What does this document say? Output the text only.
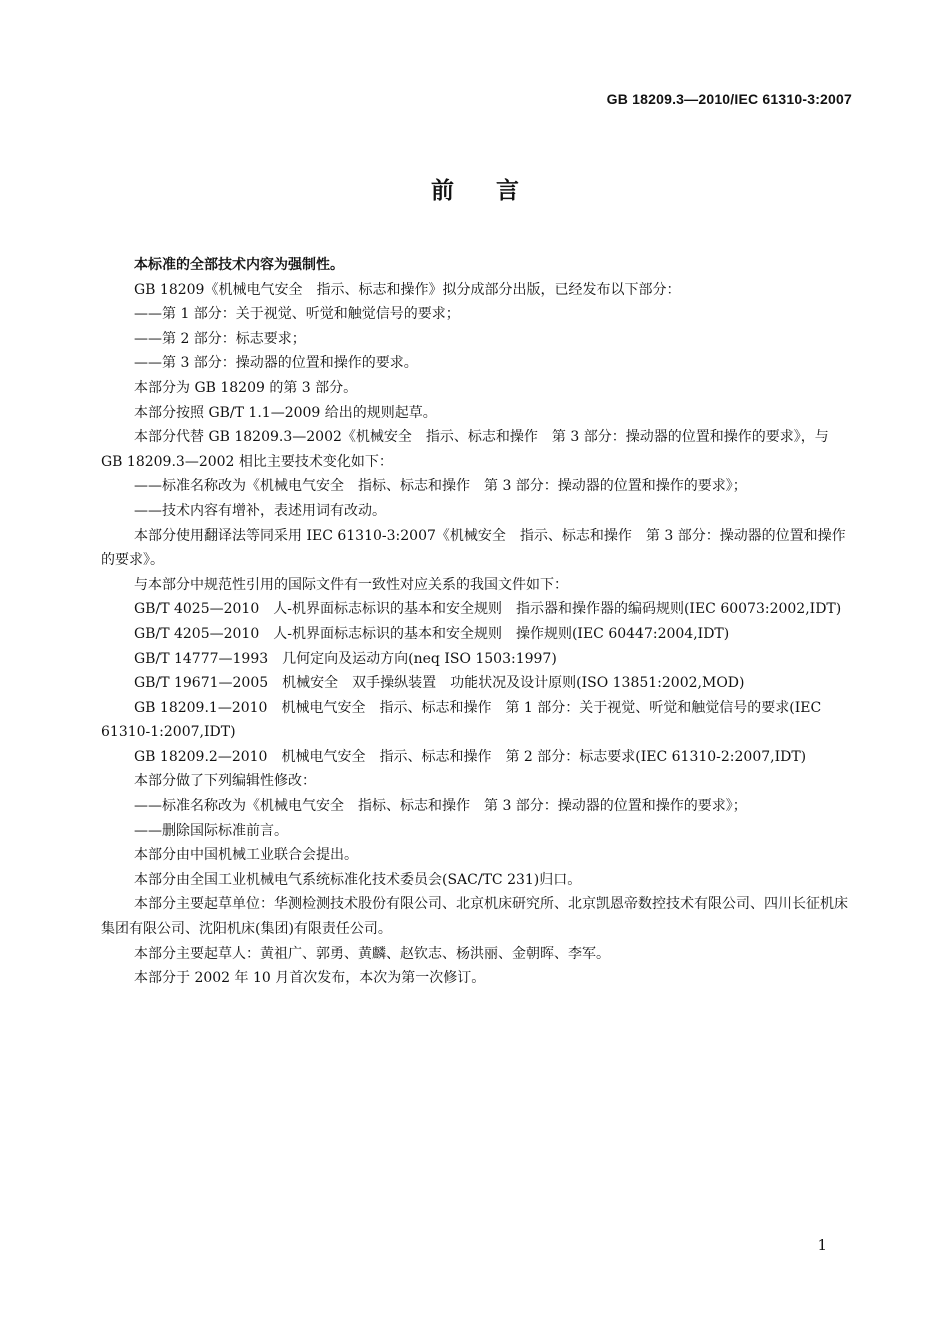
GB 18209.3—2010/IEC 61310-3:2007
前言

本标准的全部技术内容为强制性。

GB 18209《机械电气安全　指示、标志和操作》拟分成部分出版，已经发布以下部分：

——第 1 部分：关于视觉、听觉和触觉信号的要求；

——第 2 部分：标志要求；

——第 3 部分：操动器的位置和操作的要求。

本部分为 GB 18209 的第 3 部分。

本部分按照 GB/T 1.1—2009 给出的规则起草。

本部分代替 GB 18209.3—2002《机械安全　指示、标志和操作　第 3 部分：操动器的位置和操作的要求》，与 GB 18209.3—2002 相比主要技术变化如下：

——标准名称改为《机械电气安全　指标、标志和操作　第 3 部分：操动器的位置和操作的要求》；

——技术内容有增补，表述用词有改动。

本部分使用翻译法等同采用 IEC 61310-3:2007《机械安全　指示、标志和操作　第 3 部分：操动器的位置和操作的要求》。

与本部分中规范性引用的国际文件有一致性对应关系的我国文件如下：

GB/T 4025—2010　人-机界面标志标识的基本和安全规则　指示器和操作器的编码规则(IEC 60073:2002,IDT)

GB/T 4205—2010　人-机界面标志标识的基本和安全规则　操作规则(IEC 60447:2004,IDT)

GB/T 14777—1993　几何定向及运动方向(neq ISO 1503:1997)

GB/T 19671—2005　机械安全　双手操纵装置　功能状况及设计原则(ISO 13851:2002,MOD)

GB 18209.1—2010　机械电气安全　指示、标志和操作　第 1 部分：关于视觉、听觉和触觉信号的要求(IEC 61310-1:2007,IDT)

GB 18209.2—2010　机械电气安全　指示、标志和操作　第 2 部分：标志要求(IEC 61310-2:2007,IDT)

本部分做了下列编辑性修改：

——标准名称改为《机械电气安全　指标、标志和操作　第 3 部分：操动器的位置和操作的要求》；

——删除国际标准前言。

本部分由中国机械工业联合会提出。

本部分由全国工业机械电气系统标准化技术委员会(SAC/TC 231)归口。

本部分主要起草单位：华测检测技术股份有限公司、北京机床研究所、北京凯恩帝数控技术有限公司、四川长征机床集团有限公司、沈阳机床(集团)有限责任公司。

本部分主要起草人：黄祖广、郭勇、黄麟、赵钦志、杨洪丽、金朝晖、李军。

本部分于 2002 年 10 月首次发布，本次为第一次修订。

1
